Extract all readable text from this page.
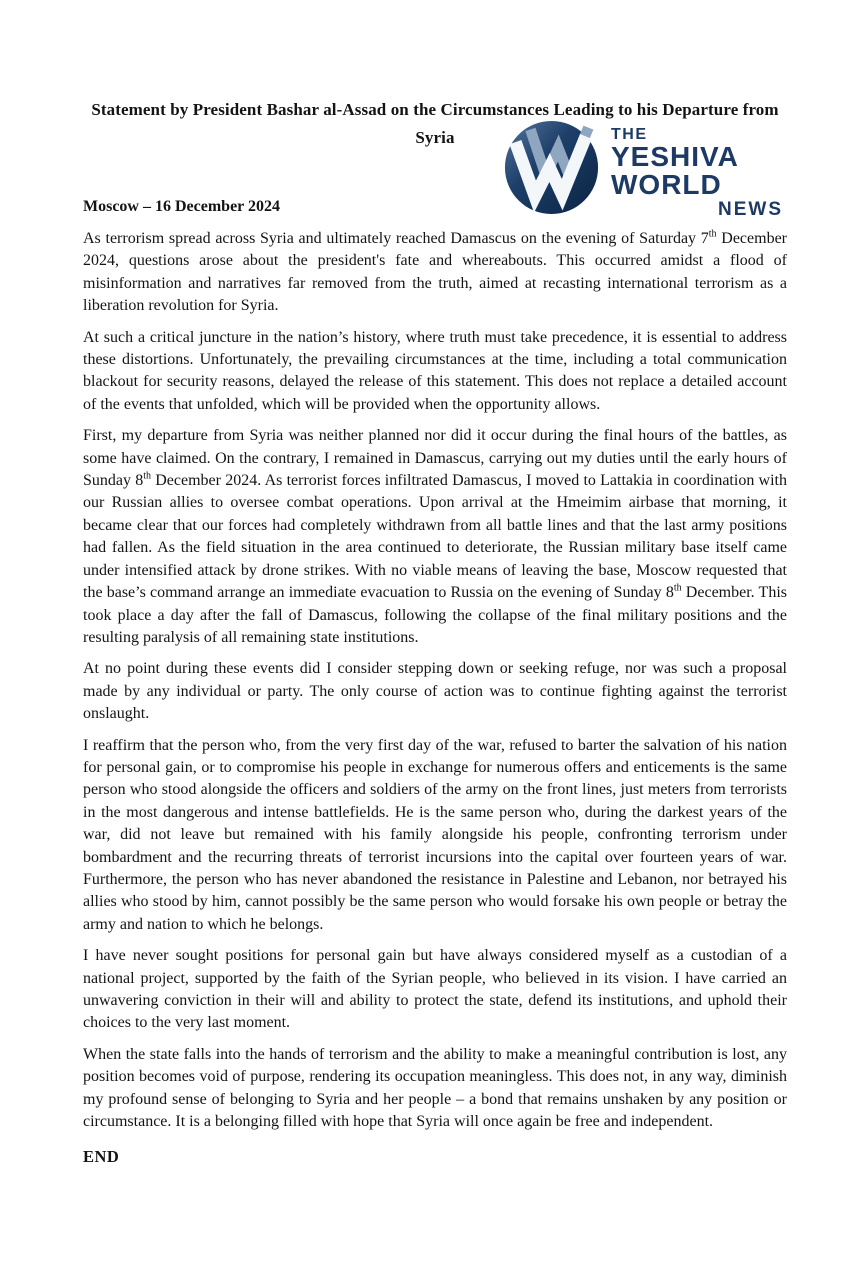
THE
YESHIVA
WORLD
NEWS
Statement by President Bashar al-Assad on the Circumstances Leading to his Departure from
Syria
Moscow – 16 December 2024

As terrorism spread across Syria and ultimately reached Damascus on the evening of Saturday 7th December 2024, questions arose about the president's fate and whereabouts. This occurred amidst a flood of misinformation and narratives far removed from the truth, aimed at recasting international terrorism as a liberation revolution for Syria.

At such a critical juncture in the nation’s history, where truth must take precedence, it is essential to address these distortions. Unfortunately, the prevailing circumstances at the time, including a total communication blackout for security reasons, delayed the release of this statement. This does not replace a detailed account of the events that unfolded, which will be provided when the opportunity allows.

First, my departure from Syria was neither planned nor did it occur during the final hours of the battles, as some have claimed. On the contrary, I remained in Damascus, carrying out my duties until the early hours of Sunday 8th December 2024. As terrorist forces infiltrated Damascus, I moved to Lattakia in coordination with our Russian allies to oversee combat operations. Upon arrival at the Hmeimim airbase that morning, it became clear that our forces had completely withdrawn from all battle lines and that the last army positions had fallen. As the field situation in the area continued to deteriorate, the Russian military base itself came under intensified attack by drone strikes. With no viable means of leaving the base, Moscow requested that the base’s command arrange an immediate evacuation to Russia on the evening of Sunday 8th December. This took place a day after the fall of Damascus, following the collapse of the final military positions and the resulting paralysis of all remaining state institutions.

At no point during these events did I consider stepping down or seeking refuge, nor was such a proposal made by any individual or party. The only course of action was to continue fighting against the terrorist onslaught.

I reaffirm that the person who, from the very first day of the war, refused to barter the salvation of his nation for personal gain, or to compromise his people in exchange for numerous offers and enticements is the same person who stood alongside the officers and soldiers of the army on the front lines, just meters from terrorists in the most dangerous and intense battlefields. He is the same person who, during the darkest years of the war, did not leave but remained with his family alongside his people, confronting terrorism under bombardment and the recurring threats of terrorist incursions into the capital over fourteen years of war. Furthermore, the person who has never abandoned the resistance in Palestine and Lebanon, nor betrayed his allies who stood by him, cannot possibly be the same person who would forsake his own people or betray the army and nation to which he belongs.

I have never sought positions for personal gain but have always considered myself as a custodian of a national project, supported by the faith of the Syrian people, who believed in its vision. I have carried an unwavering conviction in their will and ability to protect the state, defend its institutions, and uphold their choices to the very last moment.

When the state falls into the hands of terrorism and the ability to make a meaningful contribution is lost, any position becomes void of purpose, rendering its occupation meaningless. This does not, in any way, diminish my profound sense of belonging to Syria and her people – a bond that remains unshaken by any position or circumstance. It is a belonging filled with hope that Syria will once again be free and independent.

END
